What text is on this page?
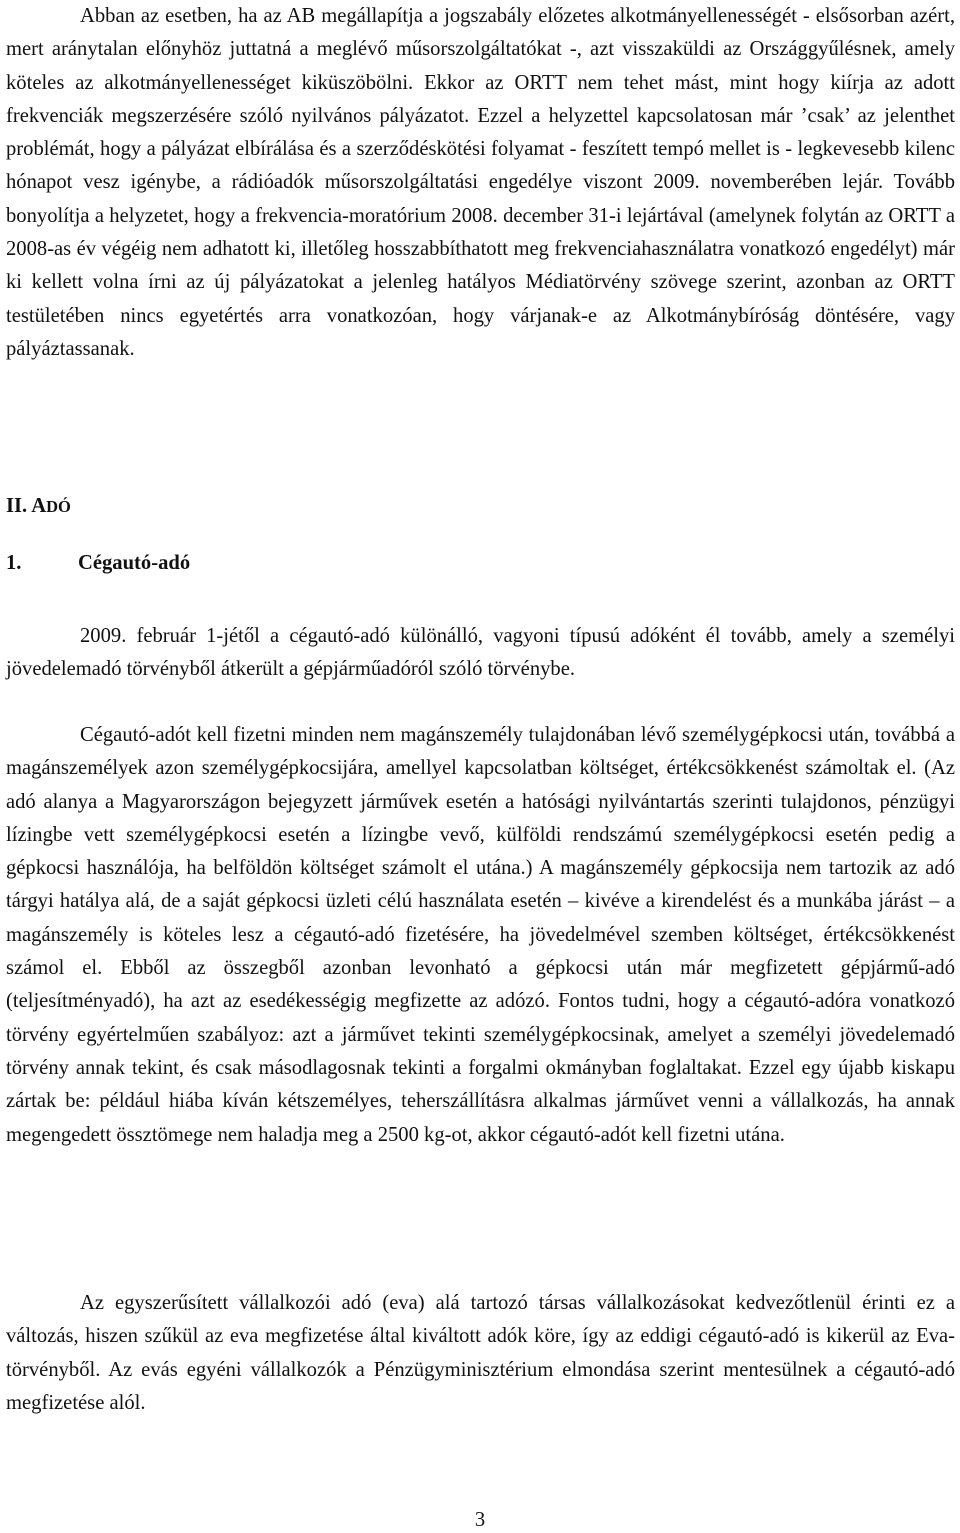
Abban az esetben, ha az AB megállapítja a jogszabály előzetes alkotmányellenességét - elsősorban azért, mert aránytalan előnyhöz juttatná a meglévő műsorszolgáltatókat -, azt visszaküldi az Országgyűlésnek, amely köteles az alkotmányellenességet kiküszöbölni. Ekkor az ORTT nem tehet mást, mint hogy kiírja az adott frekvenciák megszerzésére szóló nyilvános pályázatot. Ezzel a helyzettel kapcsolatosan már ’csak’ az jelenthet problémát, hogy a pályázat elbírálása és a szerződéskötési folyamat - feszített tempó mellet is - legkevesebb kilenc hónapot vesz igénybe, a rádióadók műsorszolgáltatási engedélye viszont 2009. novemberében lejár. Tovább bonyolítja a helyzetet, hogy a frekvencia-moratórium 2008. december 31-i lejártával (amelynek folytán az ORTT a 2008-as év végéig nem adhatott ki, illetőleg hosszabbíthatott meg frekvenciahasználatra vonatkozó engedélyt) már ki kellett volna írni az új pályázatokat a jelenleg hatályos Médiatörvény szövege szerint, azonban az ORTT testületében nincs egyetértés arra vonatkozóan, hogy várjanak-e az Alkotmánybíróság döntésére, vagy pályáztassanak.

II. ADÓ
1.	Cégautó-adó

2009. február 1-jétől a cégautó-adó különálló, vagyoni típusú adóként él tovább, amely a személyi jövedelemadó törvényből átkerült a gépjárműadóról szóló törvénybe.

Cégautó-adót kell fizetni minden nem magánszemély tulajdonában lévő személygépkocsi után, továbbá a magánszemélyek azon személygépkocsijára, amellyel kapcsolatban költséget, értékcsökkenést számoltak el. (Az adó alanya a Magyarországon bejegyzett járművek esetén a hatósági nyilvántartás szerinti tulajdonos, pénzügyi lízingbe vett személygépkocsi esetén a lízingbe vevő, külföldi rendszámú személygépkocsi esetén pedig a gépkocsi használója, ha belföldön költséget számolt el utána.) A magánszemély gépkocsija nem tartozik az adó tárgyi hatálya alá, de a saját gépkocsi üzleti célú használata esetén – kivéve a kirendelést és a munkába járást – a magánszemély is köteles lesz a cégautó-adó fizetésére, ha jövedelmével szemben költséget, értékcsökkenést számol el. Ebből az összegből azonban levonható a gépkocsi után már megfizetett gépjármű-adó (teljesítményadó), ha azt az esedékességig megfizette az adózó. Fontos tudni, hogy a cégautó-adóra vonatkozó törvény egyértelműen szabályoz: azt a járművet tekinti személygépkocsinak, amelyet a személyi jövedelemadó törvény annak tekint, és csak másodlagosnak tekinti a forgalmi okmányban foglaltakat. Ezzel egy újabb kiskapu zártak be: például hiába kíván kétszemélyes, teherszállításra alkalmas járművet venni a vállalkozás, ha annak megengedett össztömege nem haladja meg a 2500 kg-ot, akkor cégautó-adót kell fizetni utána.

Az egyszerűsített vállalkozói adó (eva) alá tartozó társas vállalkozásokat kedvezőtlenül érinti ez a változás, hiszen szűkül az eva megfizetése által kiváltott adók köre, így az eddigi cégautó-adó is kikerül az Eva-törvényből. Az evás egyéni vállalkozók a Pénzügyminisztérium elmondása szerint mentesülnek a cégautó-adó megfizetése alól.

3
